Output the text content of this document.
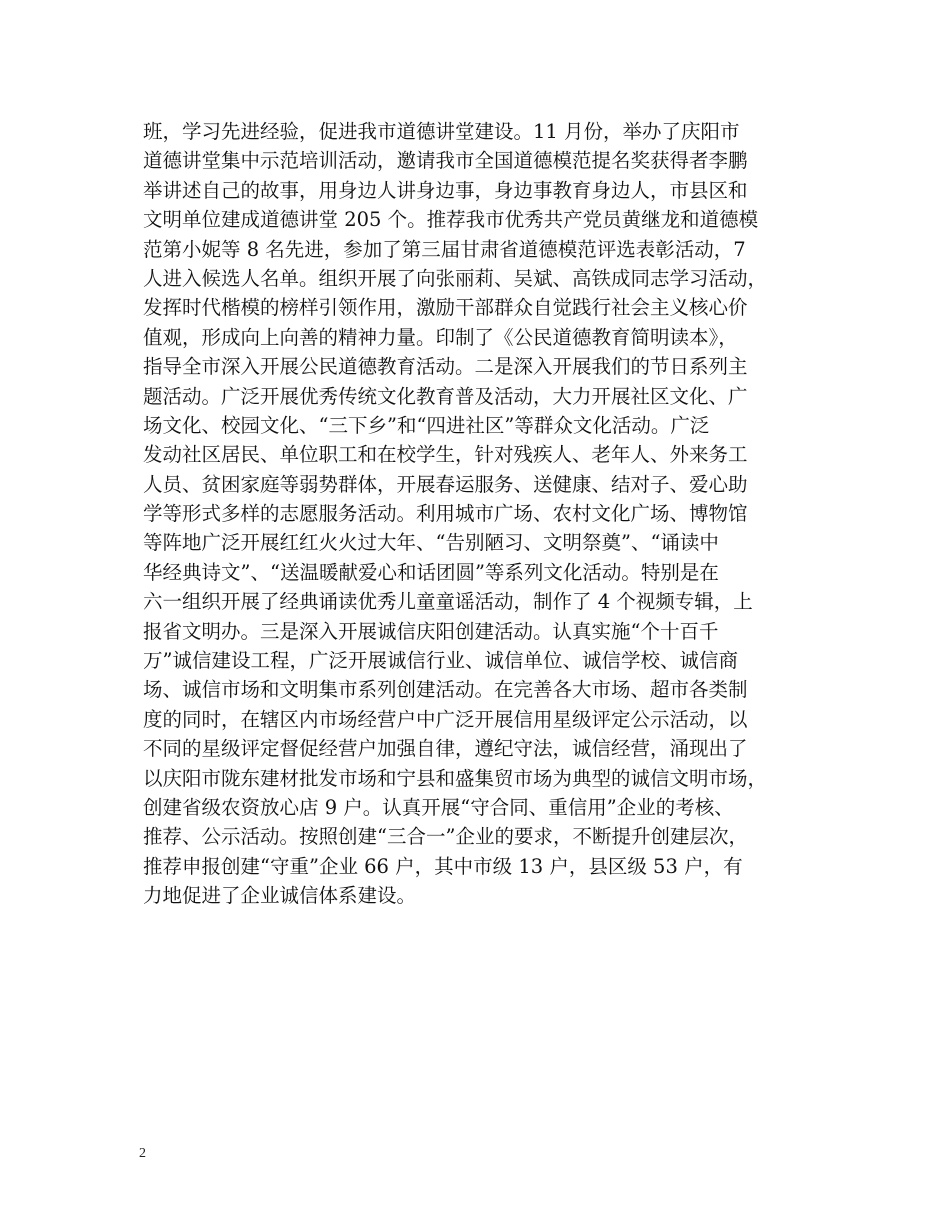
班，学习先进经验，促进我市道德讲堂建设。11 月份，举办了庆阳市
道德讲堂集中示范培训活动，邀请我市全国道德模范提名奖获得者李鹏
举讲述自己的故事，用身边人讲身边事，身边事教育身边人，市县区和
文明单位建成道德讲堂 205 个。推荐我市优秀共产党员黄继龙和道德模
范第小妮等 8 名先进，参加了第三届甘肃省道德模范评选表彰活动，7
人进入候选人名单。组织开展了向张丽莉、吴斌、高铁成同志学习活动，
发挥时代楷模的榜样引领作用，激励干部群众自觉践行社会主义核心价
值观，形成向上向善的精神力量。印制了《公民道德教育简明读本》，
指导全市深入开展公民道德教育活动。二是深入开展我们的节日系列主
题活动。广泛开展优秀传统文化教育普及活动，大力开展社区文化、广
场文化、校园文化、“三下乡”和“四进社区”等群众文化活动。广泛
发动社区居民、单位职工和在校学生，针对残疾人、老年人、外来务工
人员、贫困家庭等弱势群体，开展春运服务、送健康、结对子、爱心助
学等形式多样的志愿服务活动。利用城市广场、农村文化广场、博物馆
等阵地广泛开展红红火火过大年、“告别陋习、文明祭奠”、“诵读中
华经典诗文”、“送温暖献爱心和话团圆”等系列文化活动。特别是在
六一组织开展了经典诵读优秀儿童童谣活动，制作了 4 个视频专辑，上
报省文明办。三是深入开展诚信庆阳创建活动。认真实施“个十百千
万”诚信建设工程，广泛开展诚信行业、诚信单位、诚信学校、诚信商
场、诚信市场和文明集市系列创建活动。在完善各大市场、超市各类制
度的同时，在辖区内市场经营户中广泛开展信用星级评定公示活动，以
不同的星级评定督促经营户加强自律，遵纪守法，诚信经营，涌现出了
以庆阳市陇东建材批发市场和宁县和盛集贸市场为典型的诚信文明市场，
创建省级农资放心店 9 户。认真开展“守合同、重信用”企业的考核、
推荐、公示活动。按照创建“三合一”企业的要求，不断提升创建层次，
推荐申报创建“守重”企业 66 户，其中市级 13 户，县区级 53 户，有
力地促进了企业诚信体系建设。
2
